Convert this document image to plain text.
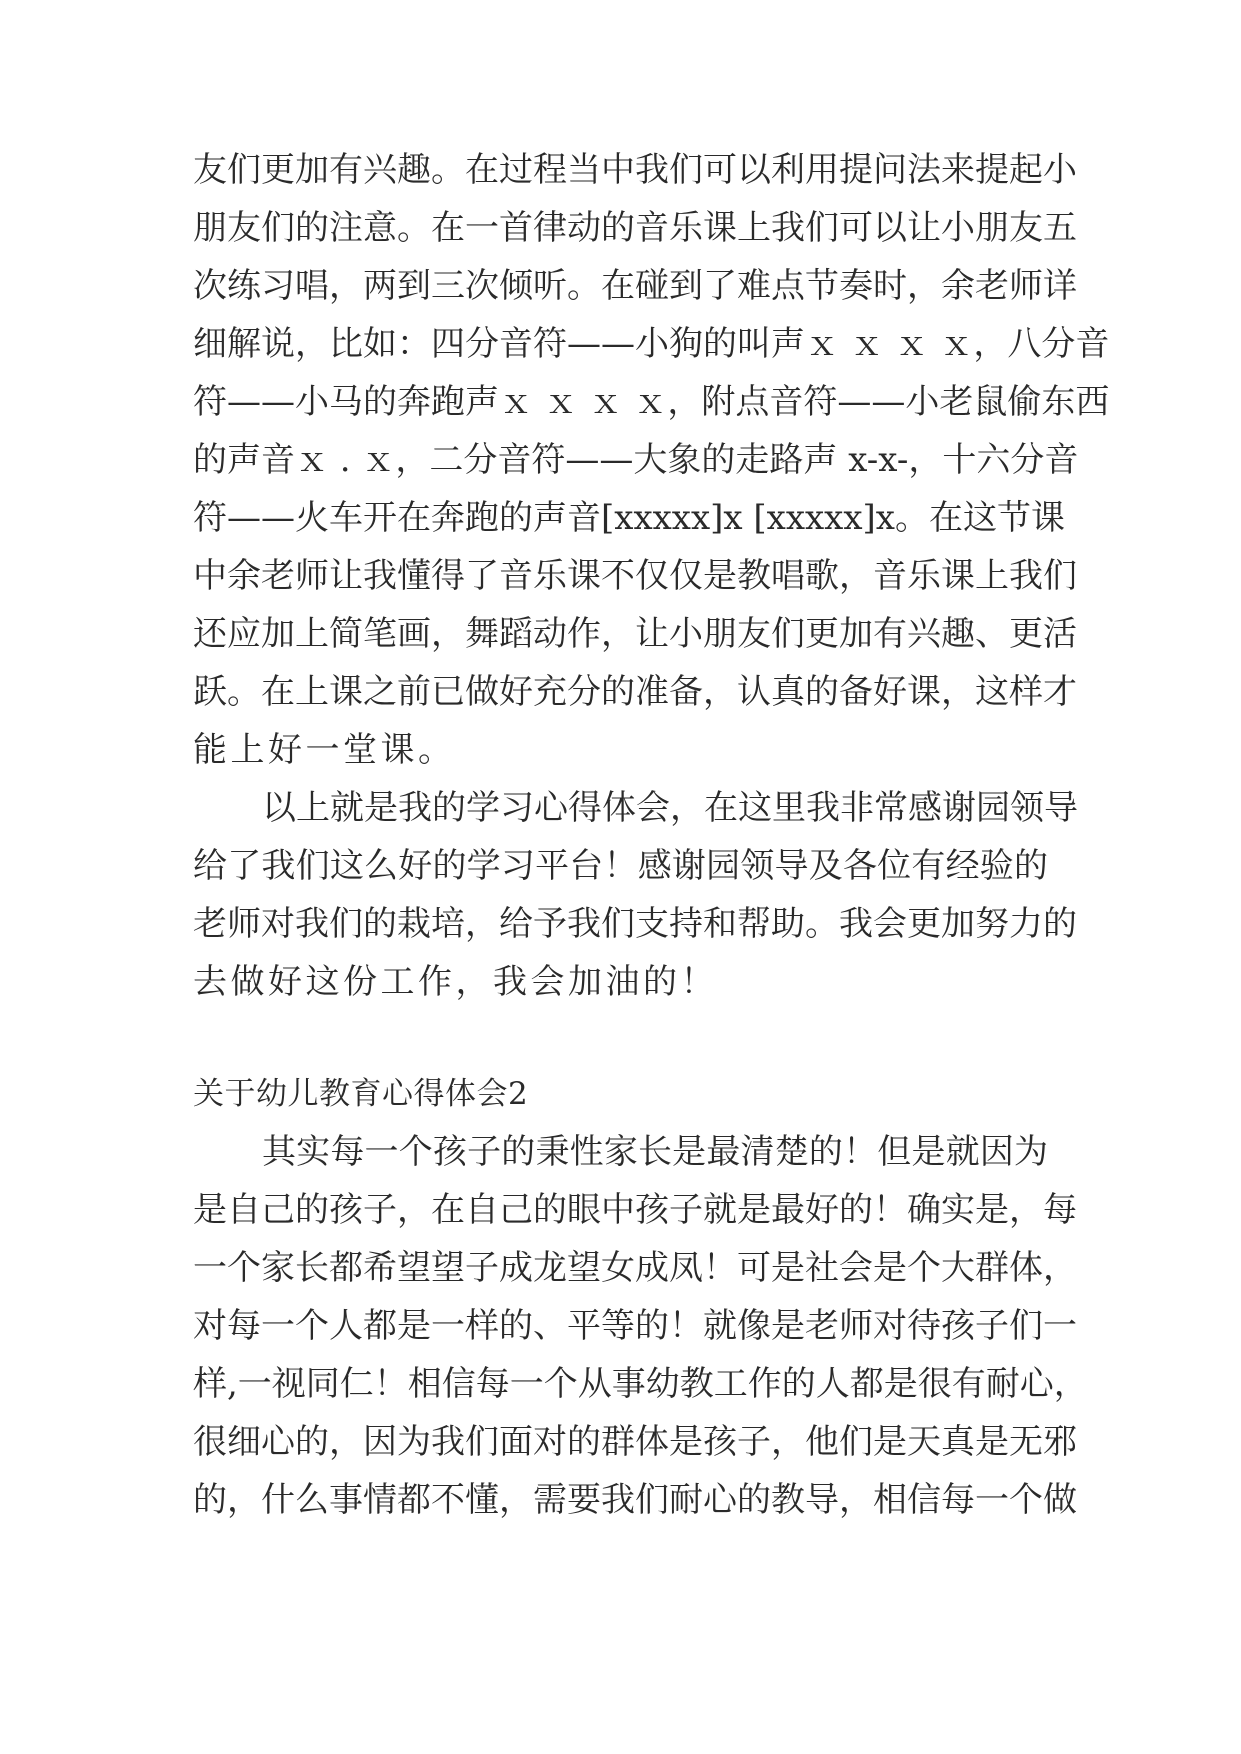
友们更加有兴趣。在过程当中我们可以利用提问法来提起小
朋友们的注意。在一首律动的音乐课上我们可以让小朋友五
次练习唱，两到三次倾听。在碰到了难点节奏时，余老师详
细解说，比如：四分音符——小狗的叫声ｘ ｘ ｘ ｘ，八分音
符——小马的奔跑声ｘ ｘ ｘ ｘ，附点音符——小老鼠偷东西
的声音ｘ . ｘ，二分音符——大象的走路声 x-x-，十六分音
符——火车开在奔跑的声音[xxxxx]x [xxxxx]x。在这节课
中余老师让我懂得了音乐课不仅仅是教唱歌，音乐课上我们
还应加上简笔画，舞蹈动作，让小朋友们更加有兴趣、更活
跃。在上课之前已做好充分的准备，认真的备好课，这样才
能上好一堂课。
以上就是我的学习心得体会，在这里我非常感谢园领导
给了我们这么好的学习平台！感谢园领导及各位有经验的
老师对我们的栽培，给予我们支持和帮助。我会更加努力的
去做好这份工作，我会加油的！
关于幼儿教育心得体会2
其实每一个孩子的秉性家长是最清楚的！但是就因为
是自己的孩子，在自己的眼中孩子就是最好的！确实是，每
一个家长都希望望子成龙望女成凤！可是社会是个大群体，
对每一个人都是一样的、平等的！就像是老师对待孩子们一
样,一视同仁！相信每一个从事幼教工作的人都是很有耐心，
很细心的，因为我们面对的群体是孩子，他们是天真是无邪
的，什么事情都不懂，需要我们耐心的教导，相信每一个做
